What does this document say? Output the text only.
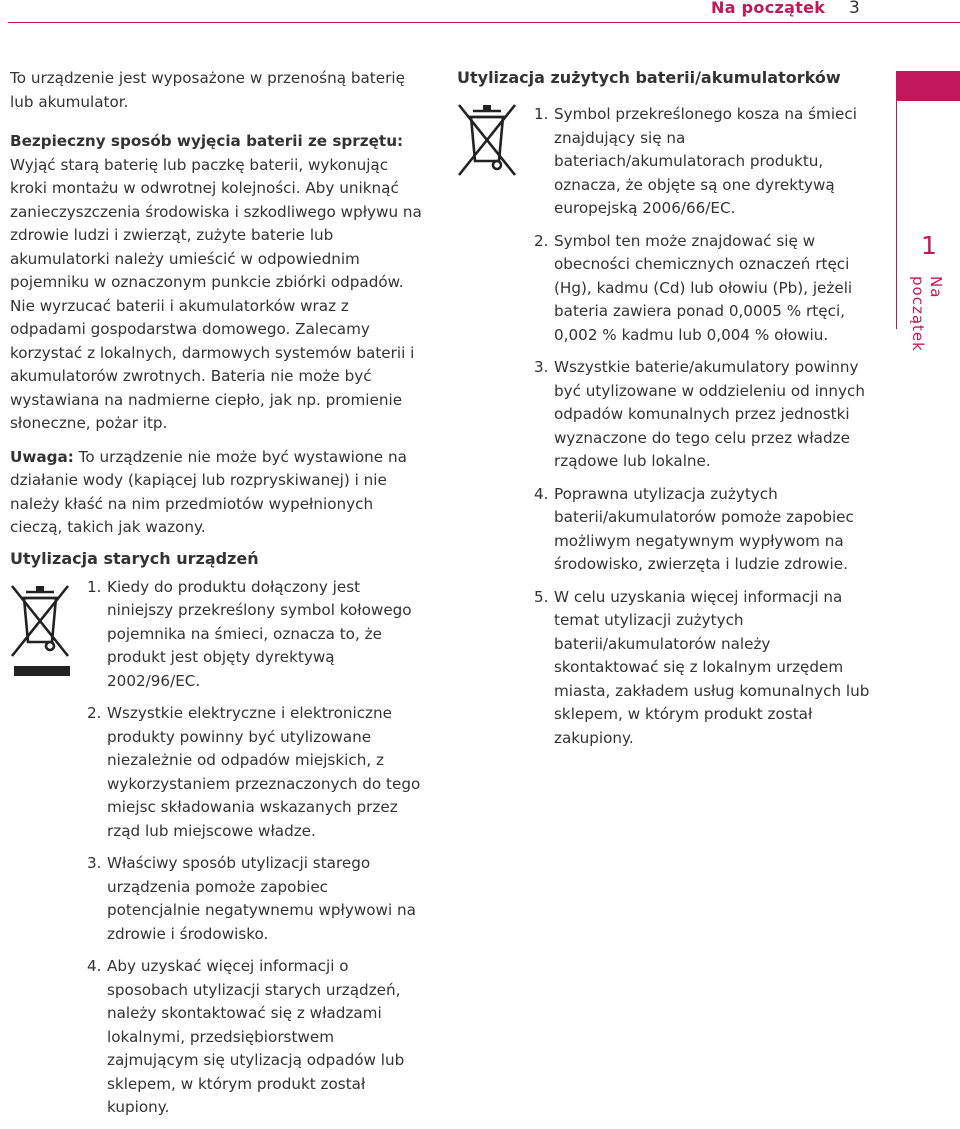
Na początek 3
1
Na początek

To urządzenie jest wyposażone w przenośną baterię lub akumulator.

Bezpieczny sposób wyjęcia baterii ze sprzętu:
Wyjąć starą baterię lub paczkę baterii, wykonując kroki montażu w odwrotnej kolejności. Aby uniknąć zanieczyszczenia środowiska i szkodliwego wpływu na zdrowie ludzi i zwierząt, zużyte baterie lub akumulatorki należy umieścić w odpowiednim pojemniku w oznaczonym punkcie zbiórki odpadów. Nie wyrzucać baterii i akumulatorków wraz z odpadami gospodarstwa domowego. Zalecamy korzystać z lokalnych, darmowych systemów baterii i akumulatorów zwrotnych. Bateria nie może być wystawiana na nadmierne ciepło, jak np. promienie słoneczne, pożar itp.

Uwaga: To urządzenie nie może być wystawione na działanie wody (kapiącej lub rozpryskiwanej) i nie należy kłaść na nim przedmiotów wypełnionych cieczą, takich jak wazony.

Utylizacja starych urządzeń
1. Kiedy do produktu dołączony jest niniejszy przekreślony symbol kołowego pojemnika na śmieci, oznacza to, że produkt jest objęty dyrektywą 2002/96/EC.
2. Wszystkie elektryczne i elektroniczne produkty powinny być utylizowane niezależnie od odpadów miejskich, z wykorzystaniem przeznaczonych do tego miejsc składowania wskazanych przez rząd lub miejscowe władze.
3. Właściwy sposób utylizacji starego urządzenia pomoże zapobiec potencjalnie negatywnemu wpływowi na zdrowie i środowisko.
4. Aby uzyskać więcej informacji o sposobach utylizacji starych urządzeń, należy skontaktować się z władzami lokalnymi, przedsiębiorstwem zajmującym się utylizacją odpadów lub sklepem, w którym produkt został kupiony.
Utylizacja zużytych baterii/akumulatorków
1. Symbol przekreślonego kosza na śmieci znajdujący się na bateriach/akumulatorach produktu, oznacza, że objęte są one dyrektywą europejską 2006/66/EC.
2. Symbol ten może znajdować się w obecności chemicznych oznaczeń rtęci (Hg), kadmu (Cd) lub ołowiu (Pb), jeżeli bateria zawiera ponad 0,0005 % rtęci, 0,002 % kadmu lub 0,004 % ołowiu.
3. Wszystkie baterie/akumulatory powinny być utylizowane w oddzieleniu od innych odpadów komunalnych przez jednostki wyznaczone do tego celu przez władze rządowe lub lokalne.
4. Poprawna utylizacja zużytych baterii/akumulatorów pomoże zapobiec możliwym negatywnym wypływom na środowisko, zwierzęta i ludzie zdrowie.
5. W celu uzyskania więcej informacji na temat utylizacji zużytych baterii/akumulatorów należy skontaktować się z lokalnym urzędem miasta, zakładem usług komunalnych lub sklepem, w którym produkt został zakupiony.
